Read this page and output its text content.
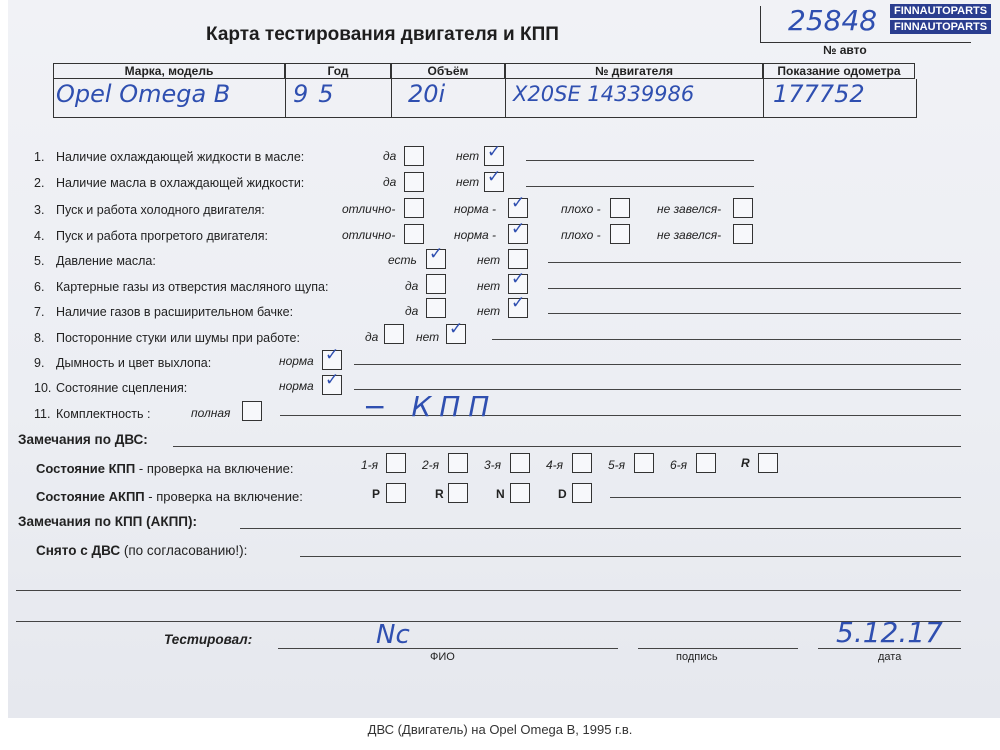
Карта тестирования двигателя и КПП	25848
№ авто
Марка, модель	Год	Объём	№ двигателя	Показание одометра
Opel Omega B	95	20i	X20SE 14339986	177752
1. Наличие охлаждающей жидкости в масле:	да	нет ✓
2. Наличие масла в охлаждающей жидкости:	да	нет ✓
3. Пуск и работа холодного двигателя:	отлично-	норма - ✓	плохо -	не завелся-
4. Пуск и работа прогретого двигателя:	отлично-	норма - ✓	плохо -	не завелся-
5. Давление масла:	есть ✓	нет
6. Картерные газы из отверстия масляного щупа:	да	нет ✓
7. Наличие газов в расширительном бачке:	да	нет ✓
8. Посторонние стуки или шумы при работе:	да	нет ✓
9. Дымность и цвет выхлопа:	норма ✓
10. Состояние сцепления:	норма ✓
11. Комплектность :	полная	− КПП
Замечания по ДВС:
Состояние КПП - проверка на включение:	1-я	2-я	3-я	4-я	5-я	6-я	R
Состояние АКПП - проверка на включение:	P	R	N	D
Замечания по КПП (АКПП):
Снято с ДВС (по согласованию!):
Тестировал:	Nc
ФИО	подпись
5.12.17
дата
FINNAUTOPARTS
FINNAUTOPARTS
ДВС (Двигатель) на Opel Omega B, 1995 г.в.
